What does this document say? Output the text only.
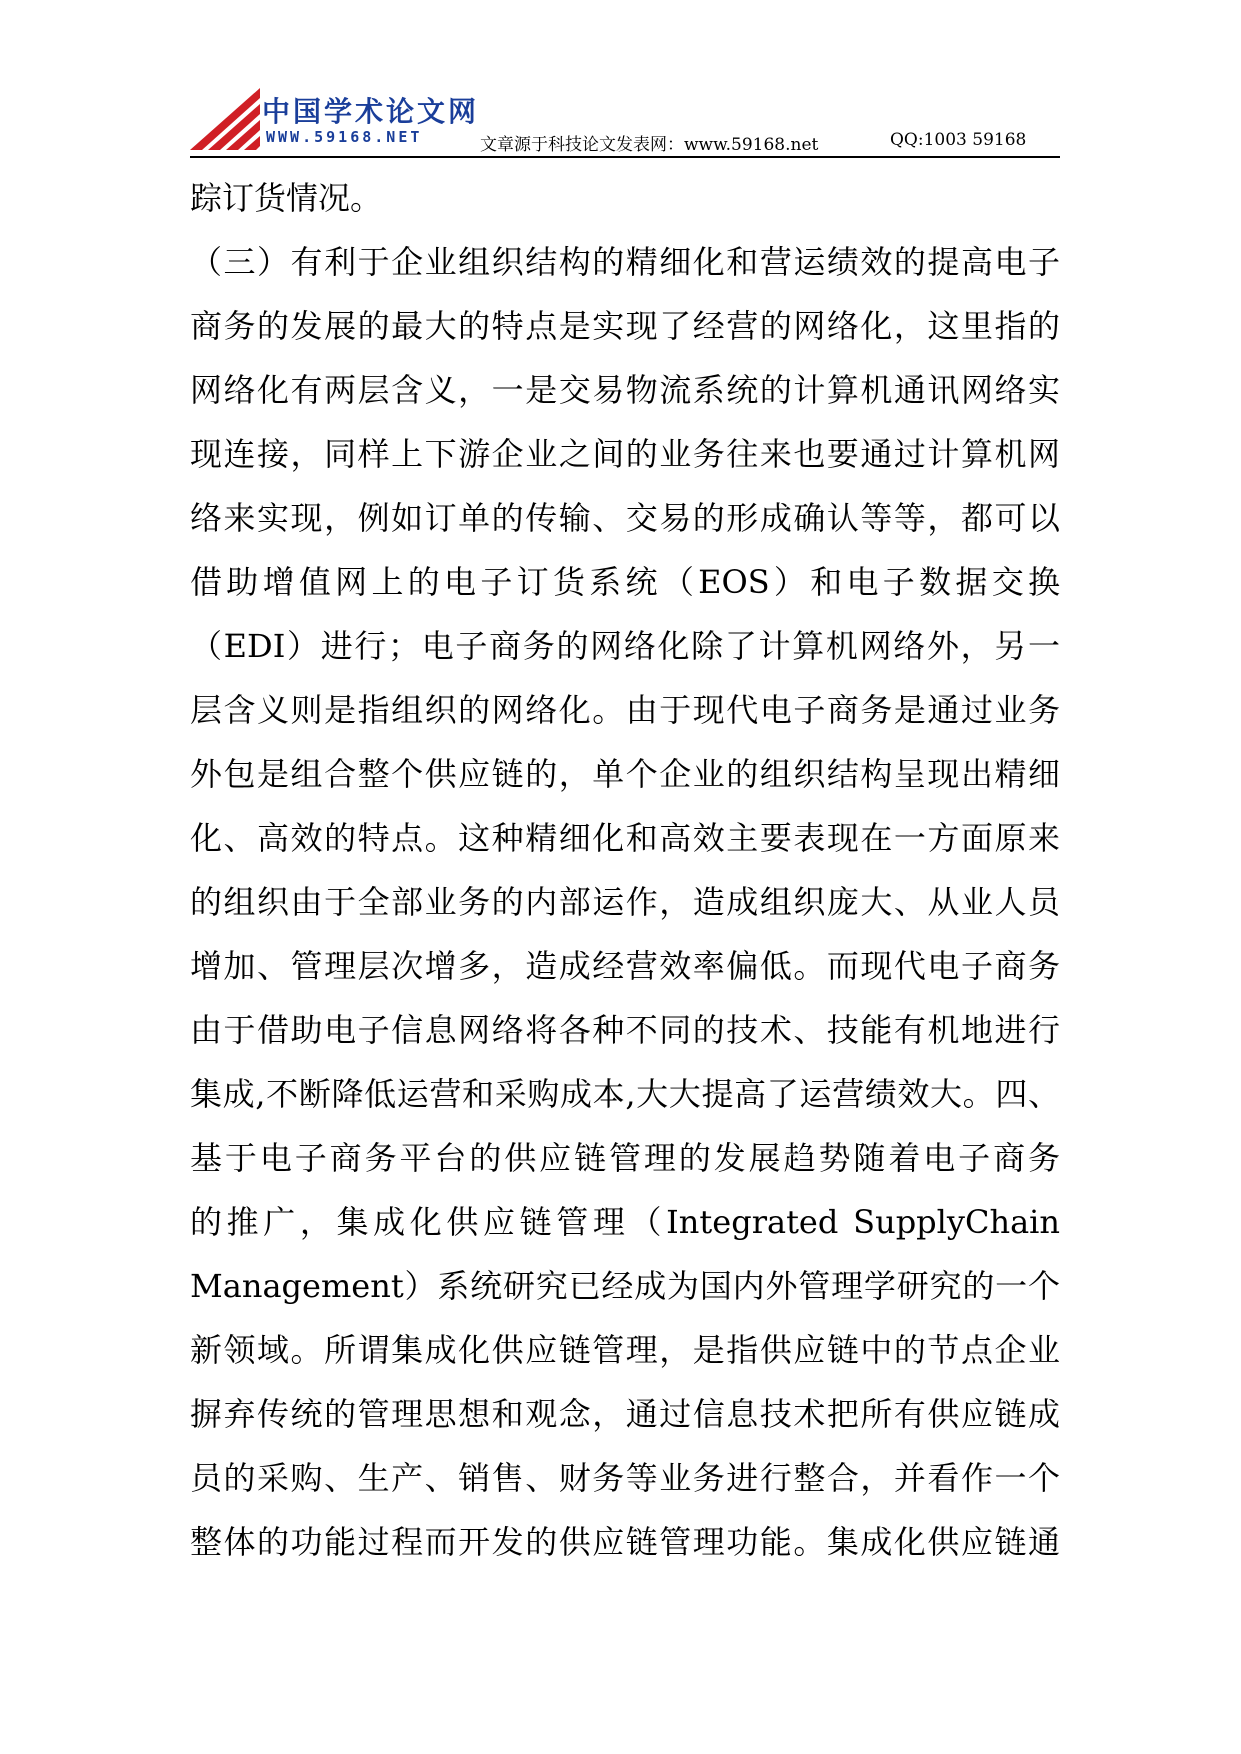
中国学术论文网
WWW.59168.NET	文章源于科技论文发表网：www.59168.net	QQ:1003 59168
踪订货情况。
（三）有利于企业组织结构的精细化和营运绩效的提高电子
商务的发展的最大的特点是实现了经营的网络化，这里指的
网络化有两层含义，一是交易物流系统的计算机通讯网络实
现连接，同样上下游企业之间的业务往来也要通过计算机网
络来实现，例如订单的传输、交易的形成确认等等，都可以
借助增值网上的电子订货系统（EOS）和电子数据交换
（EDI）进行；电子商务的网络化除了计算机网络外，另一
层含义则是指组织的网络化。由于现代电子商务是通过业务
外包是组合整个供应链的，单个企业的组织结构呈现出精细
化、高效的特点。这种精细化和高效主要表现在一方面原来
的组织由于全部业务的内部运作，造成组织庞大、从业人员
增加、管理层次增多，造成经营效率偏低。而现代电子商务
由于借助电子信息网络将各种不同的技术、技能有机地进行
集成,不断降低运营和采购成本,大大提高了运营绩效大。四、
基于电子商务平台的供应链管理的发展趋势随着电子商务
的推广，集成化供应链管理（Integrated SupplyChain
Management）系统研究已经成为国内外管理学研究的一个
新领域。所谓集成化供应链管理，是指供应链中的节点企业
摒弃传统的管理思想和观念，通过信息技术把所有供应链成
员的采购、生产、销售、财务等业务进行整合，并看作一个
整体的功能过程而开发的供应链管理功能。集成化供应链通
